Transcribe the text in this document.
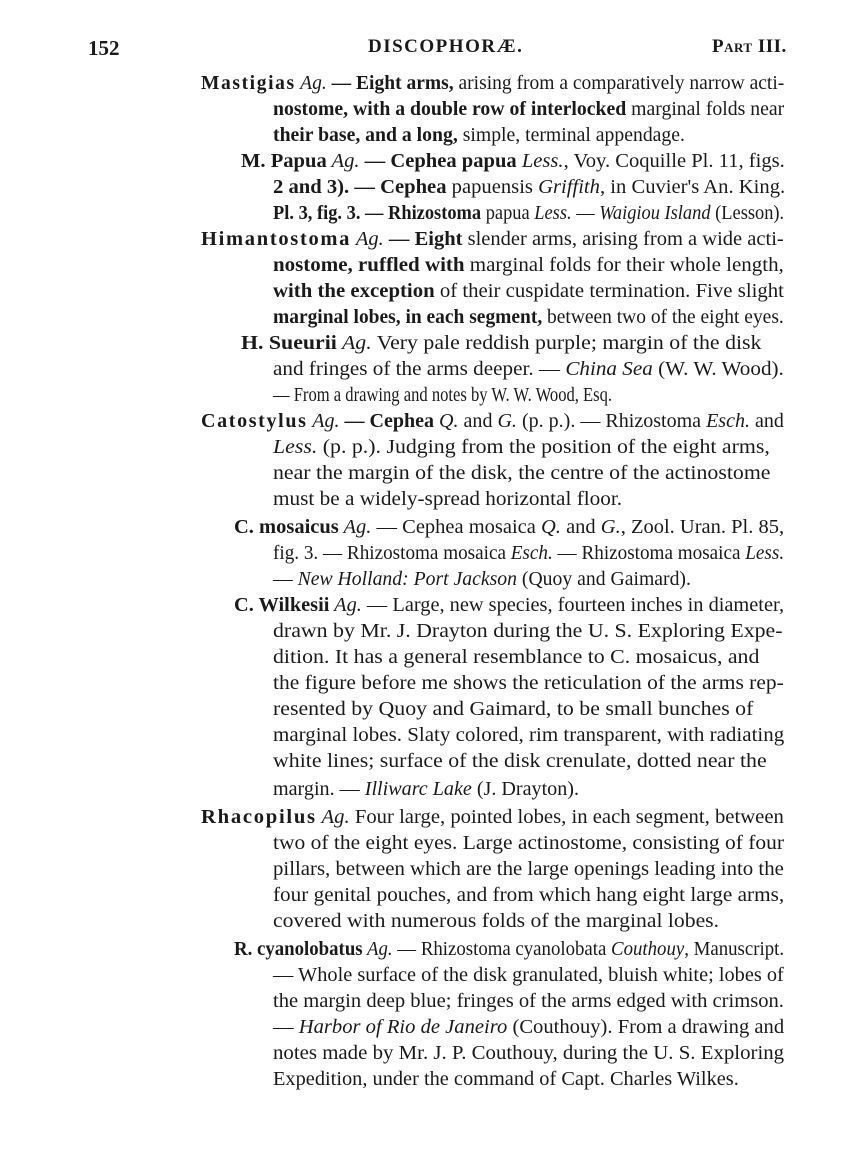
152	DISCOPHORÆ.	Part III.
Mastigias Ag. — Eight arms, arising from a comparatively narrow acti-
nostome, with a double row of interlocked marginal folds near
their base, and a long, simple, terminal appendage.
M. Papua Ag. — Cephea papua Less., Voy. Coquille Pl. 11, figs.
2 and 3). — Cephea papuensis Griffith, in Cuvier's An. King.
Pl. 3, fig. 3. — Rhizostoma papua Less. — Waigiou Island (Lesson).
Himantostoma Ag. — Eight slender arms, arising from a wide acti-
nostome, ruffled with marginal folds for their whole length,
with the exception of their cuspidate termination. Five slight
marginal lobes, in each segment, between two of the eight eyes.
H. Sueurii Ag. Very pale reddish purple; margin of the disk
and fringes of the arms deeper. — China Sea (W. W. Wood).
— From a drawing and notes by W. W. Wood, Esq.
Catostylus Ag. — Cephea Q. and G. (p. p.). — Rhizostoma Esch. and
Less. (p. p.). Judging from the position of the eight arms,
near the margin of the disk, the centre of the actinostome
must be a widely-spread horizontal floor.
C. mosaicus Ag. — Cephea mosaica Q. and G., Zool. Uran. Pl. 85,
fig. 3. — Rhizostoma mosaica Esch. — Rhizostoma mosaica Less.
— New Holland: Port Jackson (Quoy and Gaimard).
C. Wilkesii Ag. — Large, new species, fourteen inches in diameter,
drawn by Mr. J. Drayton during the U. S. Exploring Expe-
dition. It has a general resemblance to C. mosaicus, and
the figure before me shows the reticulation of the arms rep-
resented by Quoy and Gaimard, to be small bunches of
marginal lobes. Slaty colored, rim transparent, with radiating
white lines; surface of the disk crenulate, dotted near the
margin. — Illiwarc Lake (J. Drayton).
Rhacopilus Ag. Four large, pointed lobes, in each segment, between
two of the eight eyes. Large actinostome, consisting of four
pillars, between which are the large openings leading into the
four genital pouches, and from which hang eight large arms,
covered with numerous folds of the marginal lobes.
R. cyanolobatus Ag. — Rhizostoma cyanolobata Couthouy, Manuscript.
— Whole surface of the disk granulated, bluish white; lobes of
the margin deep blue; fringes of the arms edged with crimson.
— Harbor of Rio de Janeiro (Couthouy). From a drawing and
notes made by Mr. J. P. Couthouy, during the U. S. Exploring
Expedition, under the command of Capt. Charles Wilkes.
